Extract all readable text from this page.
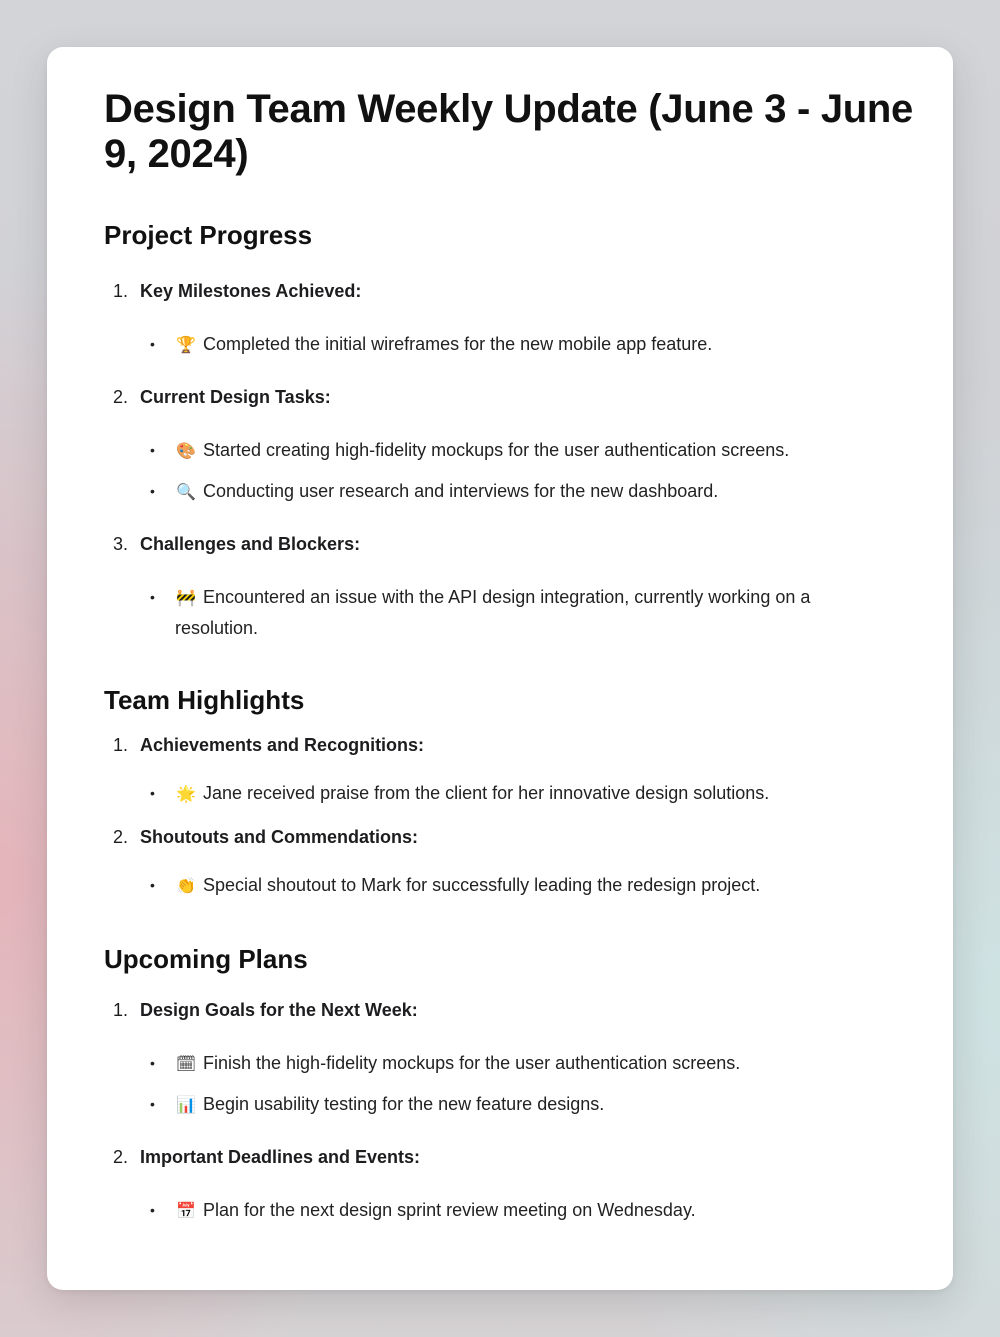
Design Team Weekly Update (June 3 - June 9, 2024)
Project Progress
1. Key Milestones Achieved:
•	🏆 Completed the initial wireframes for the new mobile app feature.
2. Current Design Tasks:
•	🎨 Started creating high-fidelity mockups for the user authentication screens.
•	🔍 Conducting user research and interviews for the new dashboard.
3. Challenges and Blockers:
•	🚧 Encountered an issue with the API design integration, currently working on a resolution.
Team Highlights
1. Achievements and Recognitions:
•	🌟 Jane received praise from the client for her innovative design solutions.
2. Shoutouts and Commendations:
•	👏 Special shoutout to Mark for successfully leading the redesign project.
Upcoming Plans
1. Design Goals for the Next Week:
•	🗓 Finish the high-fidelity mockups for the user authentication screens.
•	📊 Begin usability testing for the new feature designs.
2. Important Deadlines and Events:
•	📅 Plan for the next design sprint review meeting on Wednesday.
